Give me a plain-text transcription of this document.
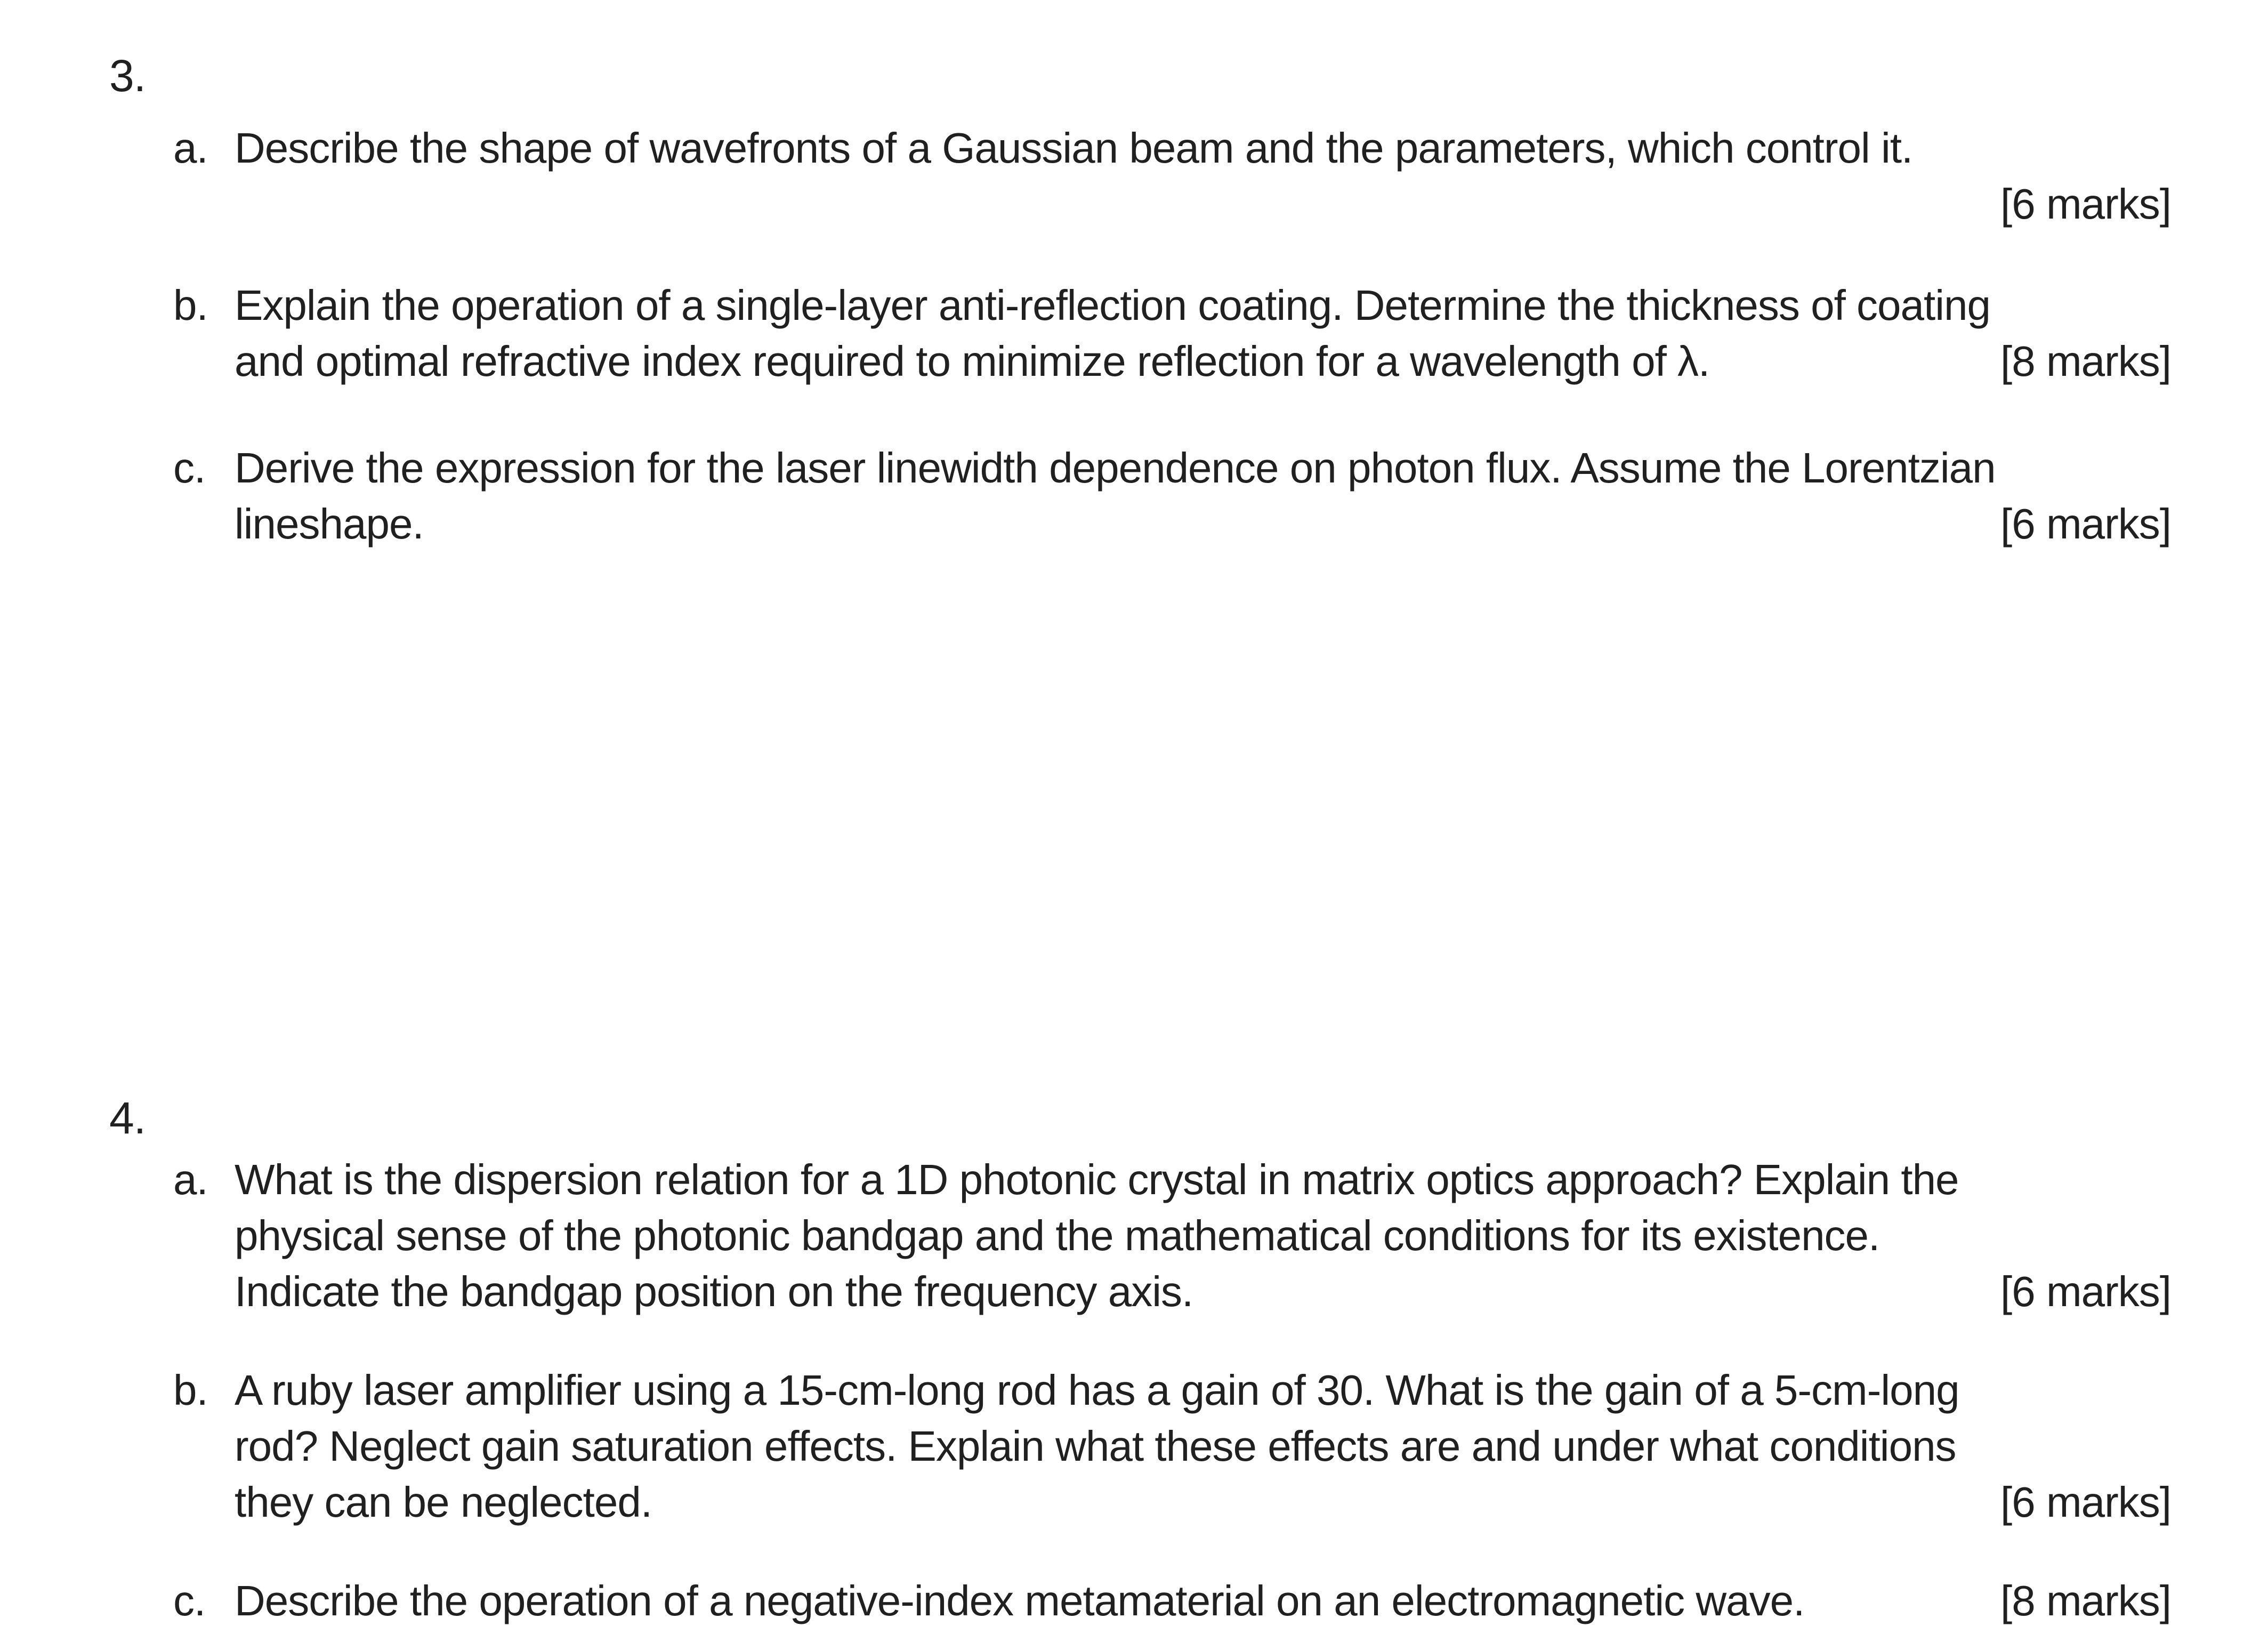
3.
a. Describe the shape of wavefronts of a Gaussian beam and the parameters, which control it.
[6 marks]
b. Explain the operation of a single-layer anti-reflection coating. Determine the thickness of coating
and optimal refractive index required to minimize reflection for a wavelength of λ.	[8 marks]
c. Derive the expression for the laser linewidth dependence on photon flux. Assume the Lorentzian
lineshape.	[6 marks]
4.
a. What is the dispersion relation for a 1D photonic crystal in matrix optics approach? Explain the
physical sense of the photonic bandgap and the mathematical conditions for its existence.
Indicate the bandgap position on the frequency axis.	[6 marks]
b. A ruby laser amplifier using a 15-cm-long rod has a gain of 30. What is the gain of a 5-cm-long
rod? Neglect gain saturation effects. Explain what these effects are and under what conditions
they can be neglected.	[6 marks]
c. Describe the operation of a negative-index metamaterial on an electromagnetic wave.	[8 marks]
